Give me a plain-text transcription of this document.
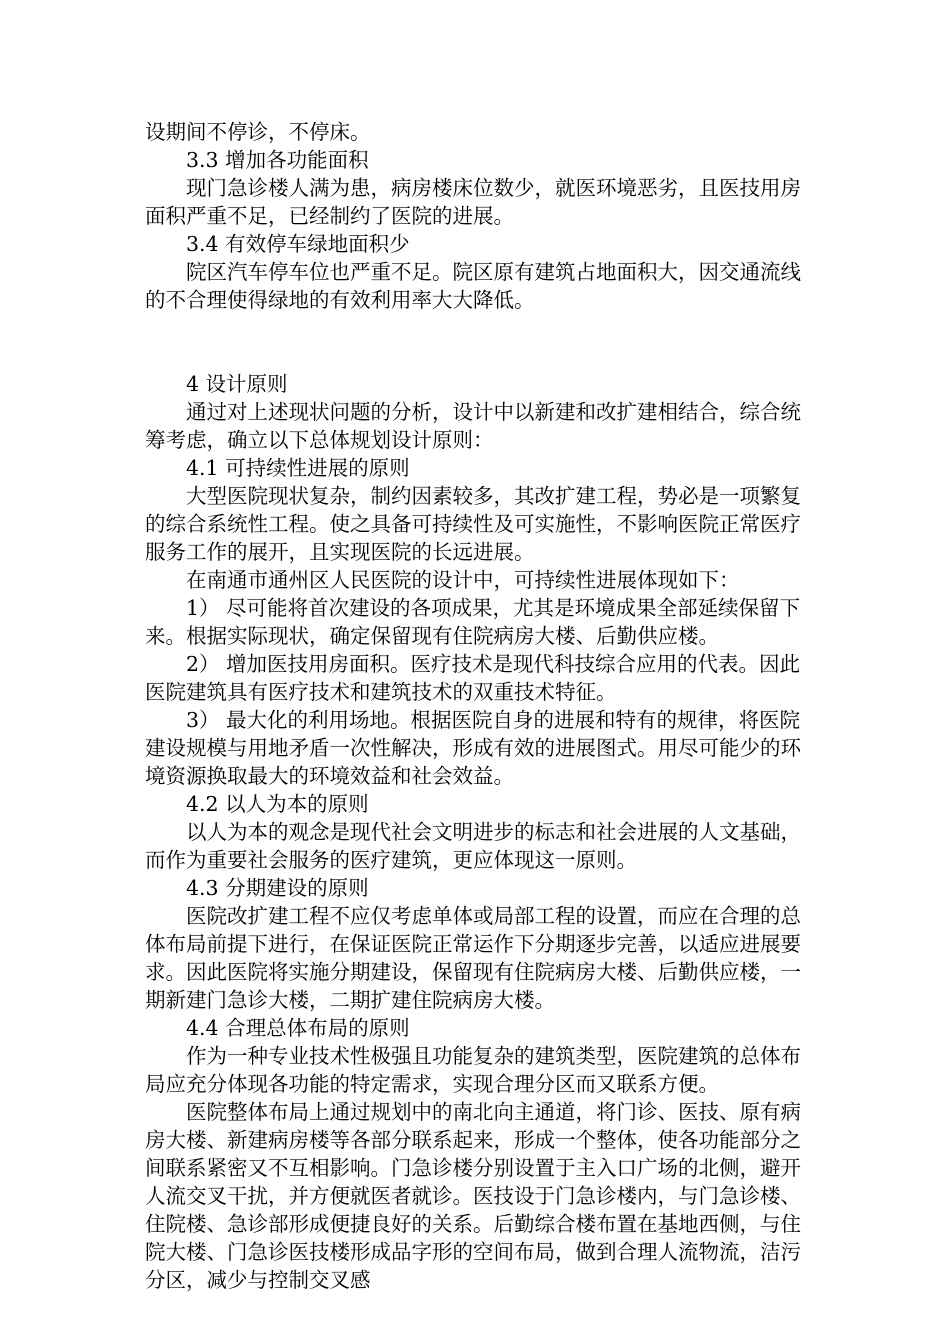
设期间不停诊，不停床。

3.3 增加各功能面积

现门急诊楼人满为患，病房楼床位数少，就医环境恶劣，且医技用房面积严重不足，已经制约了医院的进展。

3.4 有效停车绿地面积少

院区汽车停车位也严重不足。院区原有建筑占地面积大，因交通流线的不合理使得绿地的有效利用率大大降低。

4 设计原则

通过对上述现状问题的分析，设计中以新建和改扩建相结合，综合统筹考虑，确立以下总体规划设计原则：

4.1 可持续性进展的原则

大型医院现状复杂，制约因素较多，其改扩建工程，势必是一项繁复的综合系统性工程。使之具备可持续性及可实施性，不影响医院正常医疗服务工作的展开，且实现医院的长远进展。

在南通市通州区人民医院的设计中，可持续性进展体现如下：

1） 尽可能将首次建设的各项成果，尤其是环境成果全部延续保留下来。根据实际现状，确定保留现有住院病房大楼、后勤供应楼。

2） 增加医技用房面积。医疗技术是现代科技综合应用的代表。因此医院建筑具有医疗技术和建筑技术的双重技术特征。

3） 最大化的利用场地。根据医院自身的进展和特有的规律，将医院建设规模与用地矛盾一次性解决，形成有效的进展图式。用尽可能少的环境资源换取最大的环境效益和社会效益。

4.2 以人为本的原则

以人为本的观念是现代社会文明进步的标志和社会进展的人文基础，而作为重要社会服务的医疗建筑，更应体现这一原则。

4.3 分期建设的原则

医院改扩建工程不应仅考虑单体或局部工程的设置，而应在合理的总体布局前提下进行，在保证医院正常运作下分期逐步完善，以适应进展要求。因此医院将实施分期建设，保留现有住院病房大楼、后勤供应楼，一期新建门急诊大楼，二期扩建住院病房大楼。

4.4 合理总体布局的原则

作为一种专业技术性极强且功能复杂的建筑类型，医院建筑的总体布局应充分体现各功能的特定需求，实现合理分区而又联系方便。

医院整体布局上通过规划中的南北向主通道，将门诊、医技、原有病房大楼、新建病房楼等各部分联系起来，形成一个整体，使各功能部分之间联系紧密又不互相影响。门急诊楼分别设置于主入口广场的北侧，避开人流交叉干扰，并方便就医者就诊。医技设于门急诊楼内，与门急诊楼、住院楼、急诊部形成便捷良好的关系。后勤综合楼布置在基地西侧，与住院大楼、门急诊医技楼形成品字形的空间布局，做到合理人流物流，洁污分区，减少与控制交叉感
